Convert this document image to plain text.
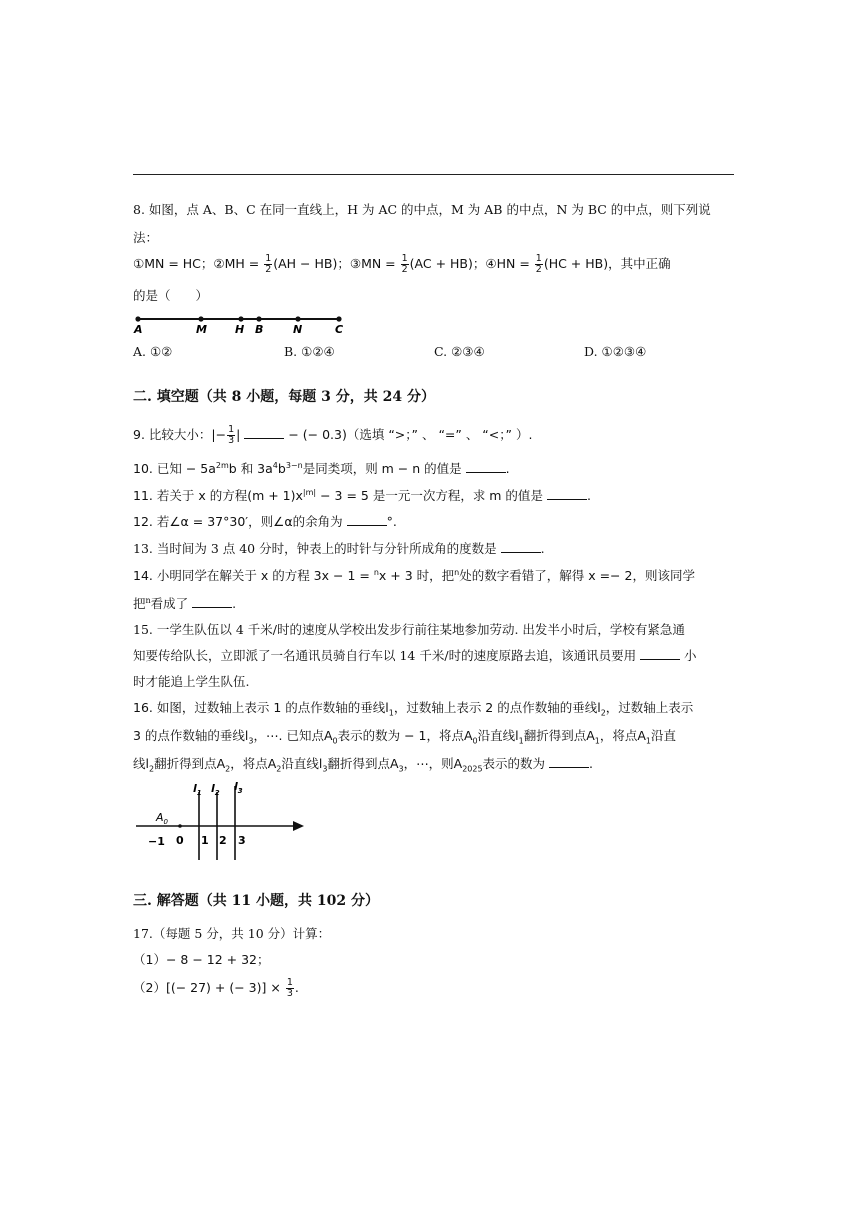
8. 如图，点 A、B、C 在同一直线上，H 为 AC 的中点，M 为 AB 的中点，N 为 BC 的中点，则下列说
法：
①MN = HC；②MH = $\frac{1}{2} (AH - HB)$；③MN = $\frac{1}{2} (AC + HB)$；④HN = $\frac{1}{2} (HC + HB)$，其中正确
的是（　　）
A	M	H B	N	C
A. ①②	B. ①②④	C. ②③④	D. ①②③④
二. 填空题（共 8 小题，每题 3 分，共 24 分）
9. 比较大小：|− $\frac{1}{3}$ |	− (− 0.3)（选填 “>；” 、 “=” 、 “<；” ）.
10. 已知 − $5a^{2m}b$ 和 $3a^4b^{3-n}$是同类项，则 m − n 的值是	.
11. 若关于 x 的方程$(m + 1)x^{|m|} - 3 = 5$ 是一元一次方程，求 m 的值是	.
12. 若∠α = 37°30′，则∠α的余角为	°.
13. 当时间为 3 点 40 分时，钟表上的时针与分针所成角的度数是	.
14. 小明同学在解关于 x 的方程 3x − 1 = $^n$x + 3 时，把$^n$处的数字看错了，解得 x =− 2，则该同学
把$^n$看成了	.
15. 一学生队伍以 4 千米/时的速度从学校出发步行前往某地参加劳动. 出发半小时后，学校有紧急通
知要传给队长，立即派了一名通讯员骑自行车以 14 千米/时的速度原路去追，该通讯员要用	小
时才能追上学生队伍.
16. 如图，过数轴上表示 1 的点作数轴的垂线$l_1$，过数轴上表示 2 的点作数轴的垂线$l_2$，过数轴上表示
3 的点作数轴的垂线$l_3$，⋯. 已知点$A_0$表示的数为 − 1，将点$A_0$沿直线$l_1$翻折得到点$A_1$，将点$A_1$沿直
线$l_2$翻折得到点$A_2$，将点$A_2$沿直线$l_3$翻折得到点$A_3$，⋯，则$A_{2025}$表示的数为	.
$l_1$ $l_2$ $l_3$
$A_0$
−1 0 1 2 3
三. 解答题（共 11 小题，共 102 分）
17.（每题 5 分，共 10 分）计算：
（1）− 8 − 12 + 32；
（2）[(− 27) + (− $3)] \times \frac{1}{3}$ .
